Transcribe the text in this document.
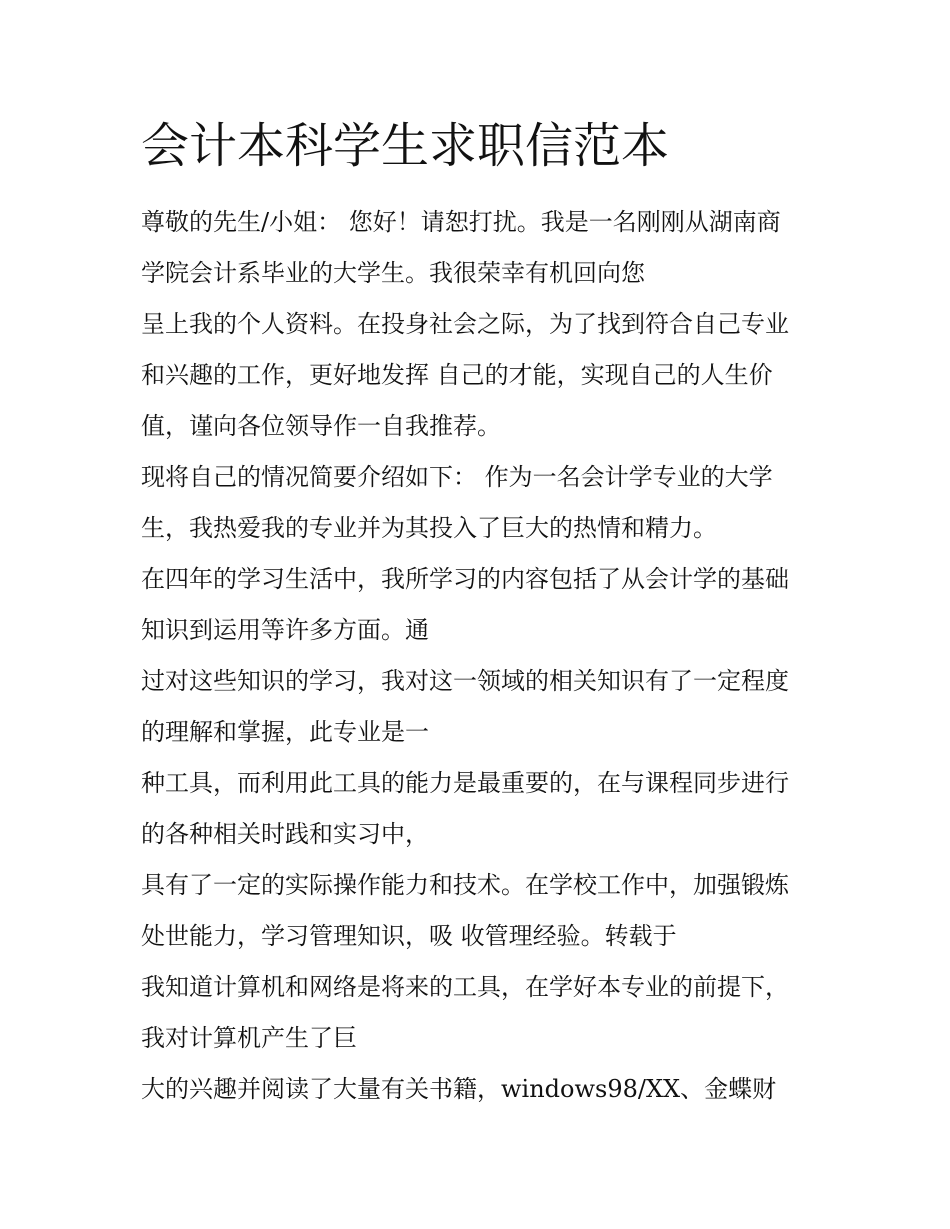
会计本科学生求职信范本

尊敬的先生/小姐： 您好！请恕打扰。我是一名刚刚从湖南商

学院会计系毕业的大学生。我很荣幸有机回向您

呈上我的个人资料。在投身社会之际，为了找到符合自己专业

和兴趣的工作，更好地发挥 自己的才能，实现自己的人生价

值，谨向各位领导作一自我推荐。

现将自己的情况简要介绍如下： 作为一名会计学专业的大学

生，我热爱我的专业并为其投入了巨大的热情和精力。

在四年的学习生活中，我所学习的内容包括了从会计学的基础

知识到运用等许多方面。通

过对这些知识的学习，我对这一领域的相关知识有了一定程度

的理解和掌握，此专业是一

种工具，而利用此工具的能力是最重要的，在与课程同步进行

的各种相关时践和实习中，

具有了一定的实际操作能力和技术。在学校工作中，加强锻炼

处世能力，学习管理知识，吸 收管理经验。转载于

我知道计算机和网络是将来的工具，在学好本专业的前提下，

我对计算机产生了巨

大的兴趣并阅读了大量有关书籍，windows98/XX、金蝶财
